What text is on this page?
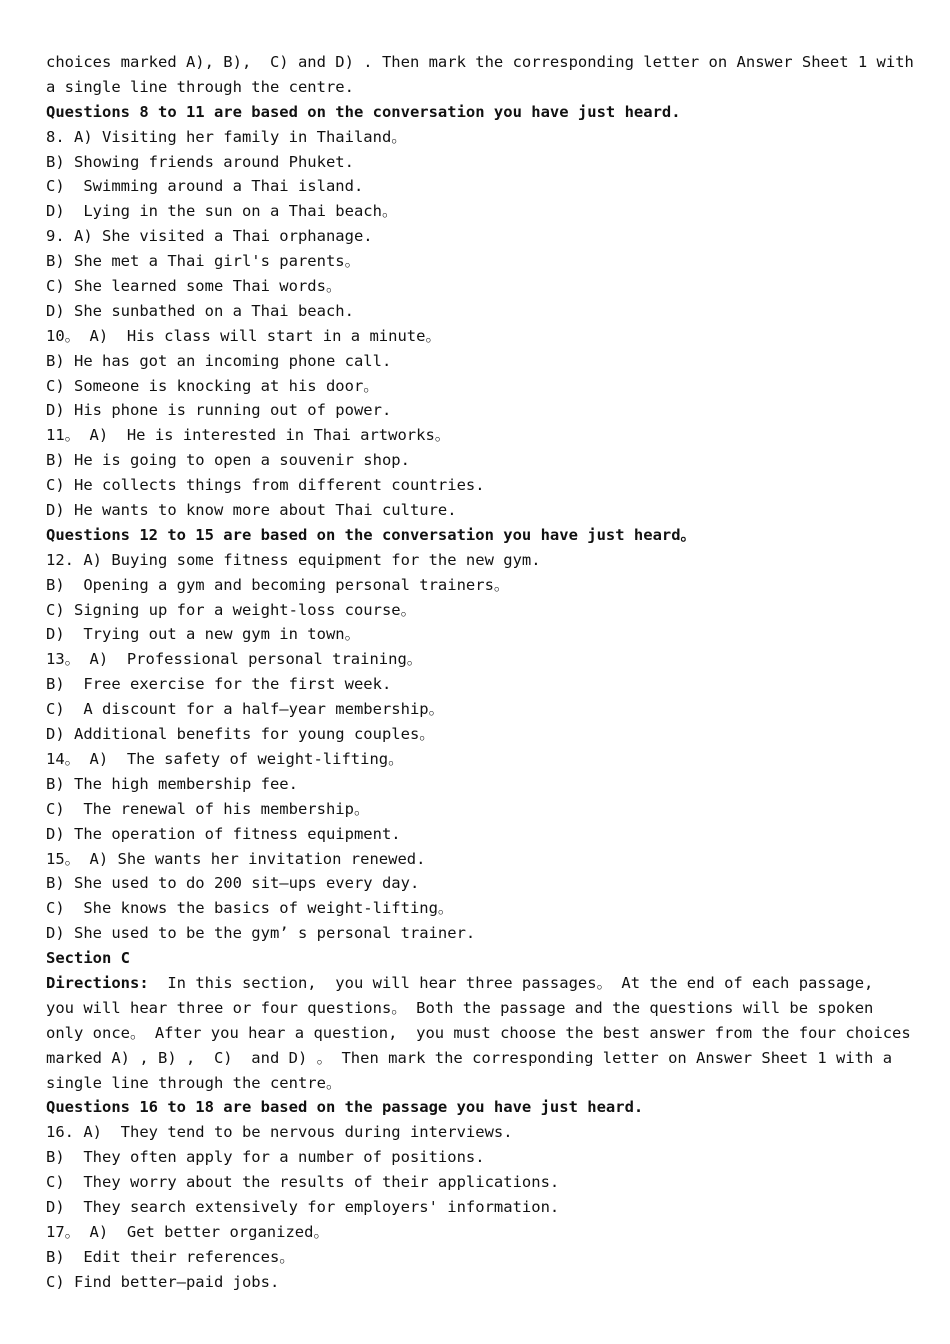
choices marked A), B),  C) and D) . Then mark the corresponding letter on Answer Sheet 1 with
a single line through the centre.
Questions 8 to 11 are based on the conversation you have just heard.
8. A) Visiting her family in Thailand。
B) Showing friends around Phuket.
C)  Swimming around a Thai island.
D)  Lying in the sun on a Thai beach。
9. A) She visited a Thai orphanage.
B) She met a Thai girl's parents。
C) She learned some Thai words。
D) She sunbathed on a Thai beach.
10。 A)  His class will start in a minute。
B) He has got an incoming phone call.
C) Someone is knocking at his door。
D) His phone is running out of power.
11。 A)  He is interested in Thai artworks。
B) He is going to open a souvenir shop.
C) He collects things from different countries.
D) He wants to know more about Thai culture.
Questions 12 to 15 are based on the conversation you have just heard。
12. A) Buying some fitness equipment for the new gym.
B)  Opening a gym and becoming personal trainers。
C) Signing up for a weight-loss course。
D)  Trying out a new gym in town。
13。 A)  Professional personal training。
B)  Free exercise for the first week.
C)  A discount for a half—year membership。
D) Additional benefits for young couples。
14。 A)  The safety of weight-lifting。
B) The high membership fee.
C)  The renewal of his membership。
D) The operation of fitness equipment.
15。 A) She wants her invitation renewed.
B) She used to do 200 sit—ups every day.
C)  She knows the basics of weight-lifting。
D) She used to be the gym’ s personal trainer.
Section C
Directions:  In this section,  you will hear three passages。 At the end of each passage,
you will hear three or four questions。 Both the passage and the questions will be spoken
only once。 After you hear a question,  you must choose the best answer from the four choices
marked A) , B) ,  C)  and D) 。 Then mark the corresponding letter on Answer Sheet 1 with a
single line through the centre。
Questions 16 to 18 are based on the passage you have just heard.
16. A)  They tend to be nervous during interviews.
B)  They often apply for a number of positions.
C)  They worry about the results of their applications.
D)  They search extensively for employers' information.
17。 A)  Get better organized。
B)  Edit their references。
C) Find better—paid jobs.
